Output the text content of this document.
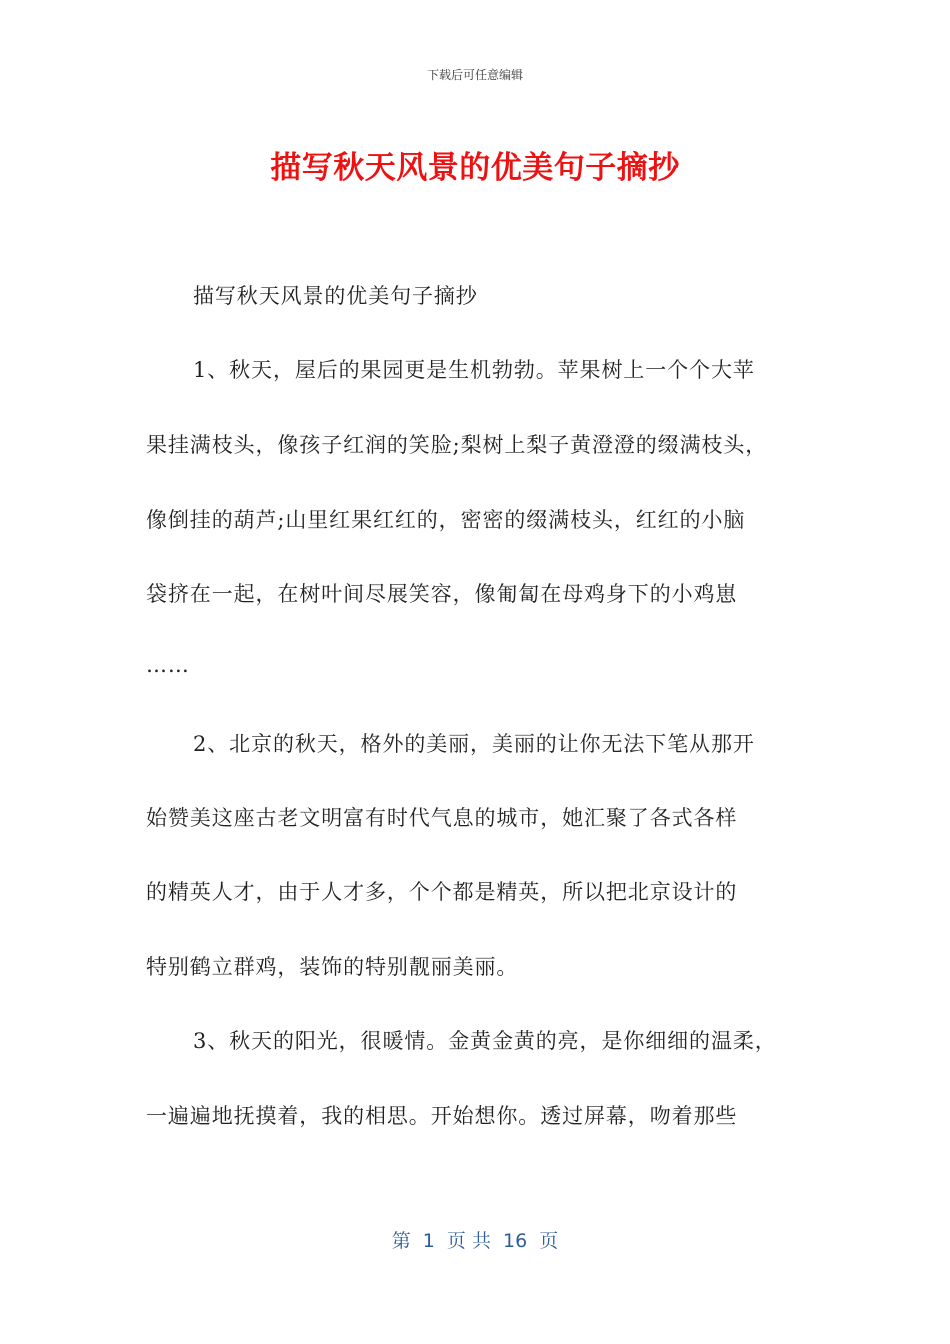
下载后可任意编辑
描写秋天风景的优美句子摘抄
描写秋天风景的优美句子摘抄
1、秋天，屋后的果园更是生机勃勃。苹果树上一个个大苹
果挂满枝头，像孩子红润的笑脸;梨树上梨子黄澄澄的缀满枝头，
像倒挂的葫芦;山里红果红红的，密密的缀满枝头，红红的小脑
袋挤在一起，在树叶间尽展笑容，像匍匐在母鸡身下的小鸡崽
……
2、北京的秋天，格外的美丽，美丽的让你无法下笔从那开
始赞美这座古老文明富有时代气息的城市，她汇聚了各式各样
的精英人才，由于人才多，个个都是精英，所以把北京设计的
特别鹤立群鸡，装饰的特别靓丽美丽。
3、秋天的阳光，很暖情。金黄金黄的亮，是你细细的温柔，
一遍遍地抚摸着，我的相思。开始想你。透过屏幕，吻着那些
第  1  页 共  16  页
